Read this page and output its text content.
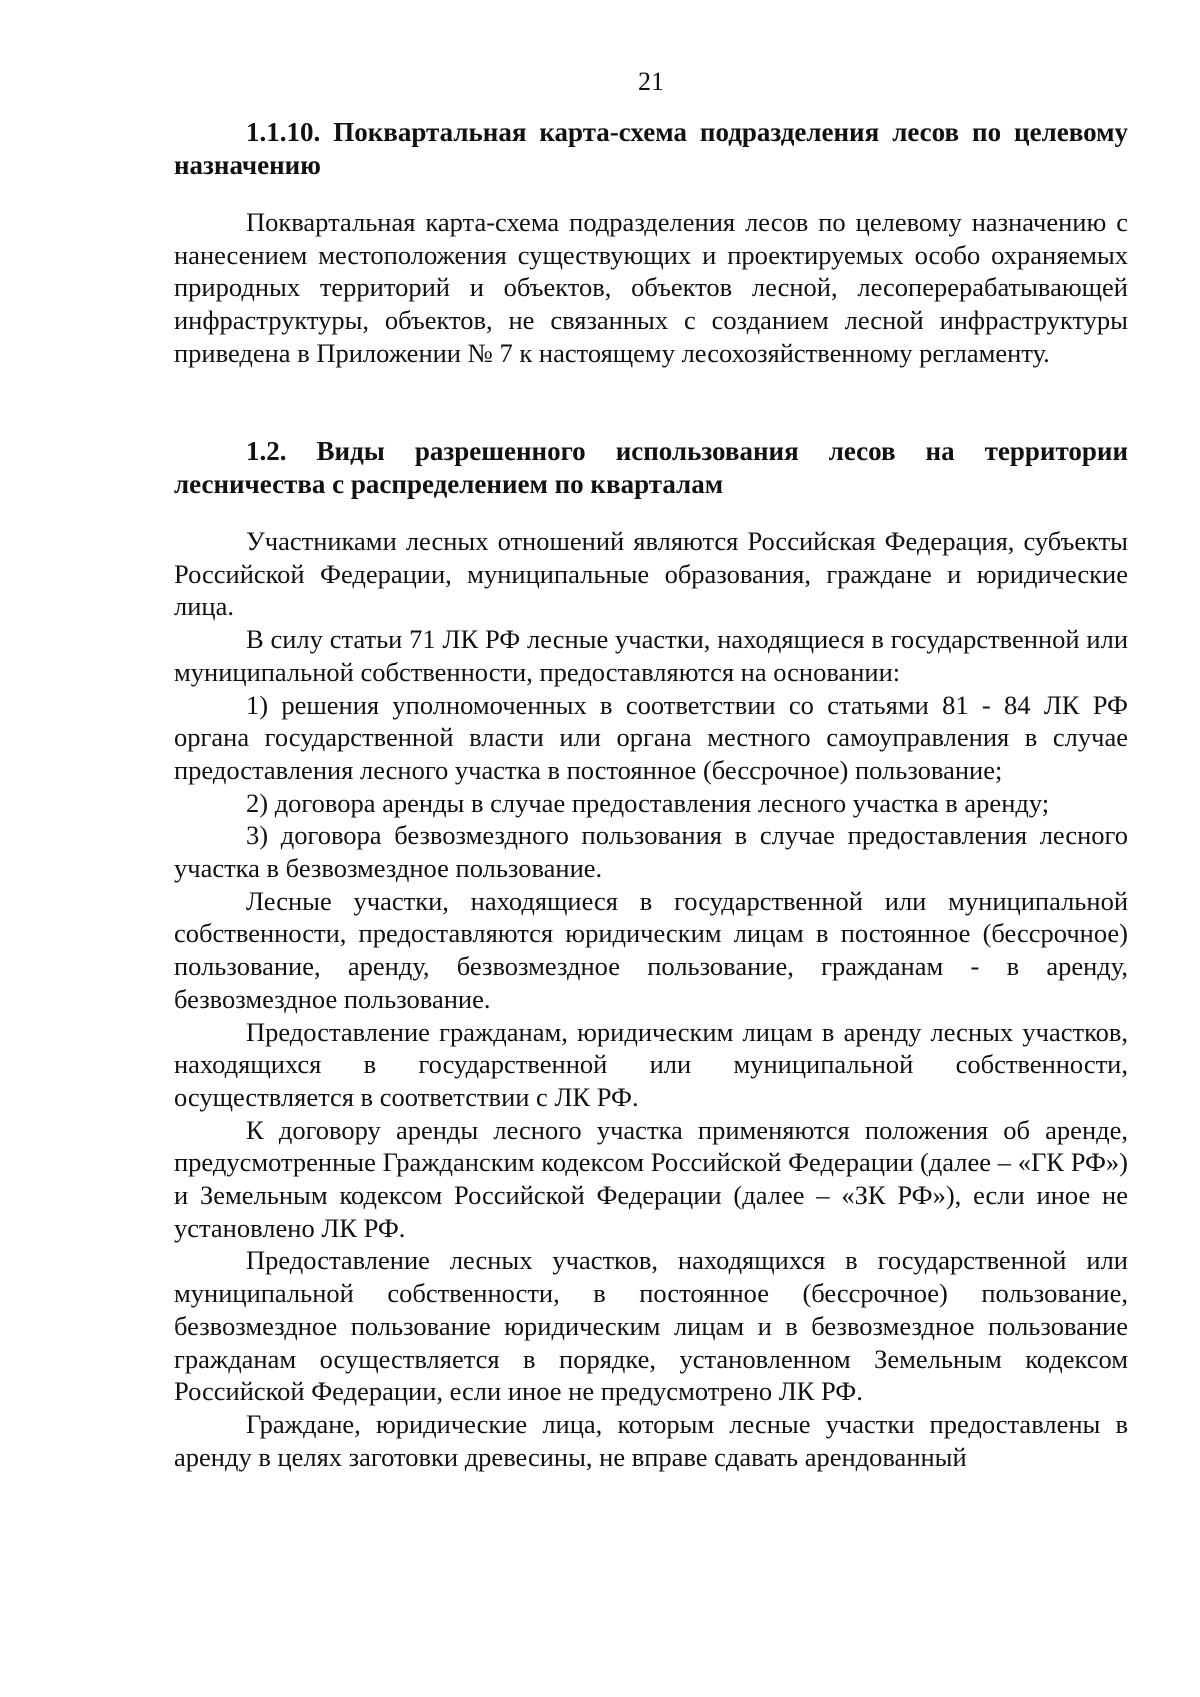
21
1.1.10. Поквартальная карта-схема подразделения лесов по целевому назначению

Поквартальная карта-схема подразделения лесов по целевому назначению с нанесением местоположения существующих и проектируемых особо охраняемых природных территорий и объектов, объектов лесной, лесоперерабатывающей инфраструктуры, объектов, не связанных с созданием лесной инфраструктуры приведена в Приложении № 7 к настоящему лесохозяйственному регламенту.

1.2. Виды разрешенного использования лесов на территории лесничества с распределением по кварталам

Участниками лесных отношений являются Российская Федерация, субъекты Российской Федерации, муниципальные образования, граждане и юридические лица.

В силу статьи 71 ЛК РФ лесные участки, находящиеся в государственной или муниципальной собственности, предоставляются на основании:

1) решения уполномоченных в соответствии со статьями 81 - 84 ЛК РФ органа государственной власти или органа местного самоуправления в случае предоставления лесного участка в постоянное (бессрочное) пользование;

2) договора аренды в случае предоставления лесного участка в аренду;

3) договора безвозмездного пользования в случае предоставления лесного участка в безвозмездное пользование.

Лесные участки, находящиеся в государственной или муниципальной собственности, предоставляются юридическим лицам в постоянное (бессрочное) пользование, аренду, безвозмездное пользование, гражданам - в аренду, безвозмездное пользование.

Предоставление гражданам, юридическим лицам в аренду лесных участков, находящихся в государственной или муниципальной собственности, осуществляется в соответствии с ЛК РФ.

К договору аренды лесного участка применяются положения об аренде, предусмотренные Гражданским кодексом Российской Федерации (далее – «ГК РФ») и Земельным кодексом Российской Федерации (далее – «ЗК РФ»), если иное не установлено ЛК РФ.

Предоставление лесных участков, находящихся в государственной или муниципальной собственности, в постоянное (бессрочное) пользование, безвозмездное пользование юридическим лицам и в безвозмездное пользование гражданам осуществляется в порядке, установленном Земельным кодексом Российской Федерации, если иное не предусмотрено ЛК РФ.

Граждане, юридические лица, которым лесные участки предоставлены в аренду в целях заготовки древесины, не вправе сдавать арендованный
